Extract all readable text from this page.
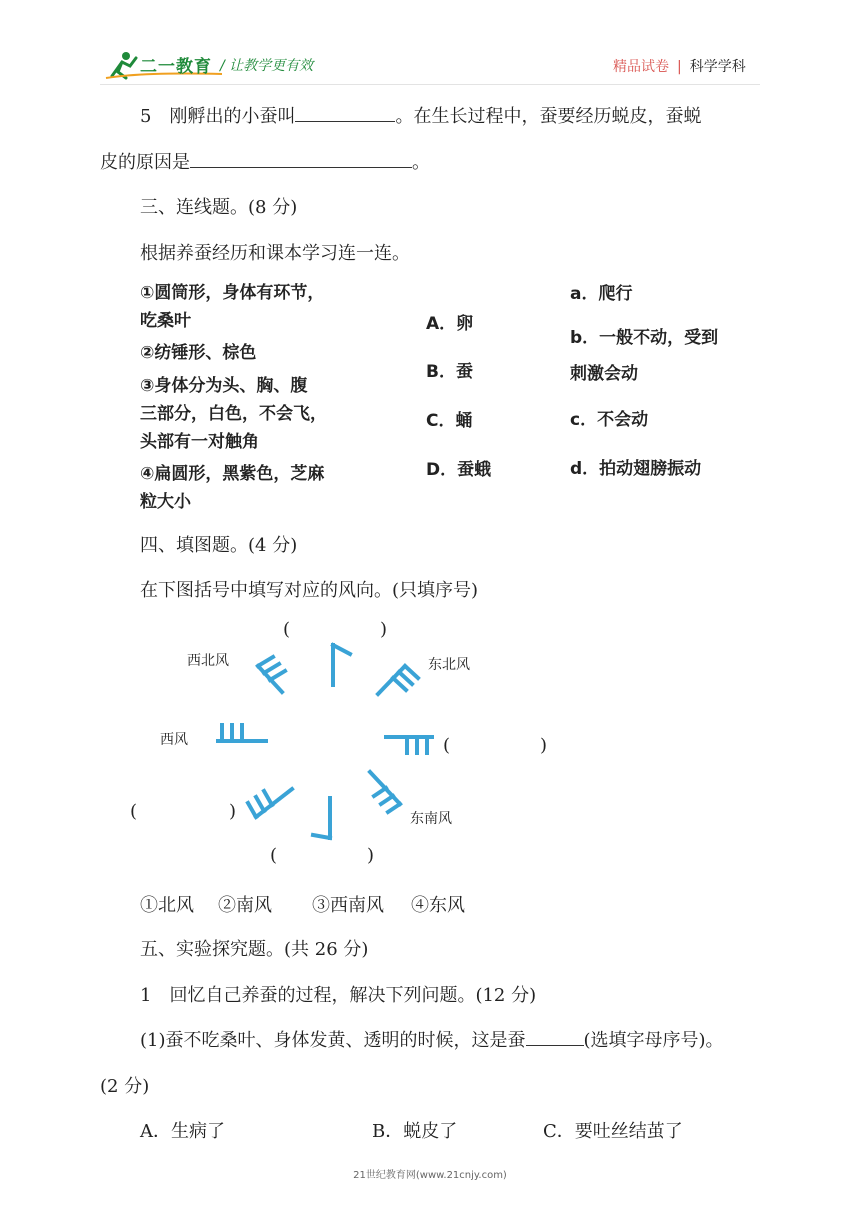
二一教育 / 让教学更有效	精品试卷 | 科学学科
5　刚孵出的小蚕叫	。在生长过程中，蚕要经历蜕皮，蚕蜕
皮的原因是	。
三、连线题。(8 分)
根据养蚕经历和课本学习连一连。
①圆筒形，身体有环节，
吃桑叶
②纺锤形、棕色
③身体分为头、胸、腹
三部分，白色，不会飞，
头部有一对触角
④扁圆形，黑紫色，芝麻
粒大小
A．卵
B．蚕
C．蛹
D．蚕蛾
a．爬行
b．一般不动，受到
刺激会动
c．不会动
d．拍动翅膀振动
四、填图题。(4 分)
在下图括号中填写对应的风向。(只填序号)
西北风	东北风
西风
东南风
(	)
(	)
(	)
(	)
①北风 ②南风 ③西南风 ④东风
五、实验探究题。(共 26 分)
1　回忆自己养蚕的过程，解决下列问题。(12 分)
(1)蚕不吃桑叶、身体发黄、透明的时候，这是蚕	(选填字母序号)。
(2 分)
A．生病了	B．蜕皮了	C．要吐丝结茧了
21世纪教育网(www.21cnjy.com)
